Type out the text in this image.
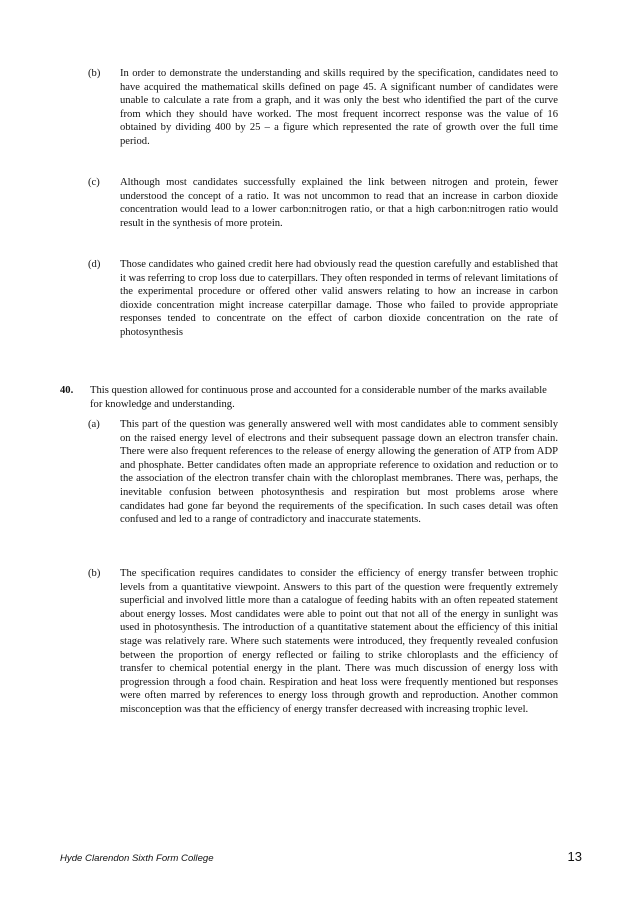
(b) In order to demonstrate the understanding and skills required by the specification, candidates need to have acquired the mathematical skills defined on page 45. A significant number of candidates were unable to calculate a rate from a graph, and it was only the best who identified the part of the curve from which they should have worked. The most frequent incorrect response was the value of 16 obtained by dividing 400 by 25 – a figure which represented the rate of growth over the full time period.
(c) Although most candidates successfully explained the link between nitrogen and protein, fewer understood the concept of a ratio. It was not uncommon to read that an increase in carbon dioxide concentration would lead to a lower carbon:nitrogen ratio, or that a high carbon:nitrogen ratio would result in the synthesis of more protein.
(d) Those candidates who gained credit here had obviously read the question carefully and established that it was referring to crop loss due to caterpillars. They often responded in terms of relevant limitations of the experimental procedure or offered other valid answers relating to how an increase in carbon dioxide concentration might increase caterpillar damage. Those who failed to provide appropriate responses tended to concentrate on the effect of carbon dioxide concentration on the rate of photosynthesis
40. This question allowed for continuous prose and accounted for a considerable number of the marks available for knowledge and understanding.
(a) This part of the question was generally answered well with most candidates able to comment sensibly on the raised energy level of electrons and their subsequent passage down an electron transfer chain. There were also frequent references to the release of energy allowing the generation of ATP from ADP and phosphate. Better candidates often made an appropriate reference to oxidation and reduction or to the association of the electron transfer chain with the chloroplast membranes. There was, perhaps, the inevitable confusion between photosynthesis and respiration but most problems arose where candidates had gone far beyond the requirements of the specification. In such cases detail was often confused and led to a range of contradictory and inaccurate statements.
(b) The specification requires candidates to consider the efficiency of energy transfer between trophic levels from a quantitative viewpoint. Answers to this part of the question were frequently extremely superficial and involved little more than a catalogue of feeding habits with an often repeated statement about energy losses. Most candidates were able to point out that not all of the energy in sunlight was used in photosynthesis. The introduction of a quantitative statement about the efficiency of this initial stage was relatively rare. Where such statements were introduced, they frequently revealed confusion between the proportion of energy reflected or failing to strike chloroplasts and the efficiency of transfer to chemical potential energy in the plant. There was much discussion of energy loss with progression through a food chain. Respiration and heat loss were frequently mentioned but responses were often marred by references to energy loss through growth and reproduction. Another common misconception was that the efficiency of energy transfer decreased with increasing trophic level.
Hyde Clarendon Sixth Form College	13
